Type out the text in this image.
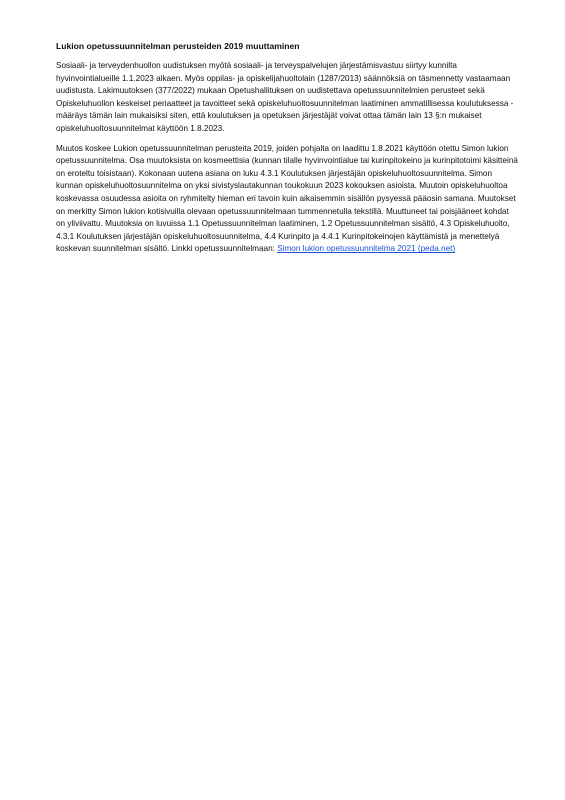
Lukion opetussuunnitelman perusteiden 2019 muuttaminen

Sosiaali- ja terveydenhuollon uudistuksen myötä sosiaali- ja terveyspalvelujen järjestämisvastuu siirtyy kunnilta hyvinvointialueille 1.1.2023 alkaen. Myös oppilas- ja opiskelijahuoltolain (1287/2013) säännöksiä on täsmennetty vastaamaan uudistusta. Lakimuutoksen (377/2022) mukaan Opetushallituksen on uudistettava opetussuunnitelmien perusteet sekä Opiskeluhuollon keskeiset periaatteet ja tavoitteet sekä opiskeluhuoltosuunnitelman laatiminen ammatillisessa koulutuksessa -määräys tämän lain mukaisiksi siten, että koulutuksen ja opetuksen järjestäjät voivat ottaa tämän lain 13 §:n mukaiset opiskeluhuoltosuunnitelmat käyttöön 1.8.2023.

Muutos koskee Lukion opetussuunnitelman perusteita 2019, joiden pohjalta on laadittu 1.8.2021 käyttöön otettu Simon lukion opetussuunnitelma. Osa muutoksista on kosmeettisia (kunnan tilalle hyvinvointialue tai kurinpitokeino ja kurinpitotoimi käsitteinä on eroteltu toisistaan). Kokonaan uutena asiana on luku 4.3.1 Koulutuksen järjestäjän opiskeluhuoltosuunnitelma. Simon kunnan opiskeluhuoltosuunnitelma on yksi sivistyslautakunnan toukokuun 2023 kokouksen asioista. Muutoin opiskeluhuoltoa koskevassa osuudessa asioita on ryhmitelty hieman eri tavoin kuin aikaisemmin sisällön pysyessä pääosin samana. Muutokset on merkitty Simon lukion kotisivuilla olevaan opetussuunnitelmaan tummennetulla tekstillä. Muuttuneet tai poisjääneet kohdat on yliviivattu. Muutoksia on luvuissa 1.1 Opetussuunnitelman laatiminen, 1.2 Opetussuunnitelman sisältö, 4.3 Opiskeluhuolto, 4.3.1 Koulutuksen järjestäjän opiskeluhuoltosuunnitelma, 4.4 Kurinpito ja 4.4.1 Kurinpitokeinojen käyttämistä ja menettelyä koskevan suunnitelman sisältö. Linkki opetussuunnitelmaan: Simon lukion opetussuunnitelma 2021 (peda.net)
